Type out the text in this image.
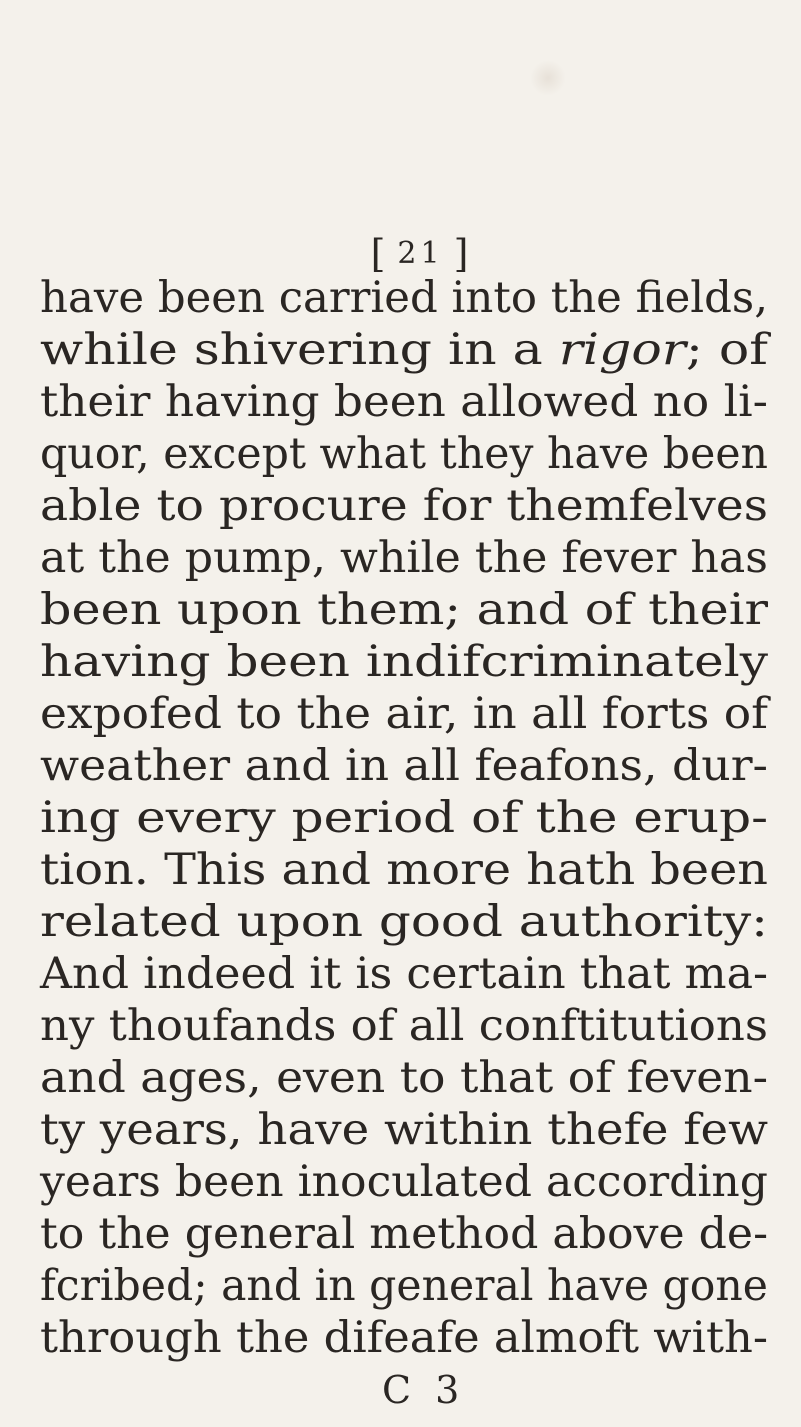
[ 21 ]
have been carried into the fields,
while shivering in a rigor; of
their having been allowed no li-
quor, except what they have been
able to procure for themfelves
at the pump, while the fever has
been upon them; and of their
having been indifcriminately
expofed to the air, in all forts of
weather and in all feafons, dur-
ing every period of the erup-
tion. This and more hath been
related upon good authority:
And indeed it is certain that ma-
ny thoufands of all conftitutions
and ages, even to that of feven-
ty years, have within thefe few
years been inoculated according
to the general method above de-
fcribed; and in general have gone
through the difeafe almoft with-
C 3
